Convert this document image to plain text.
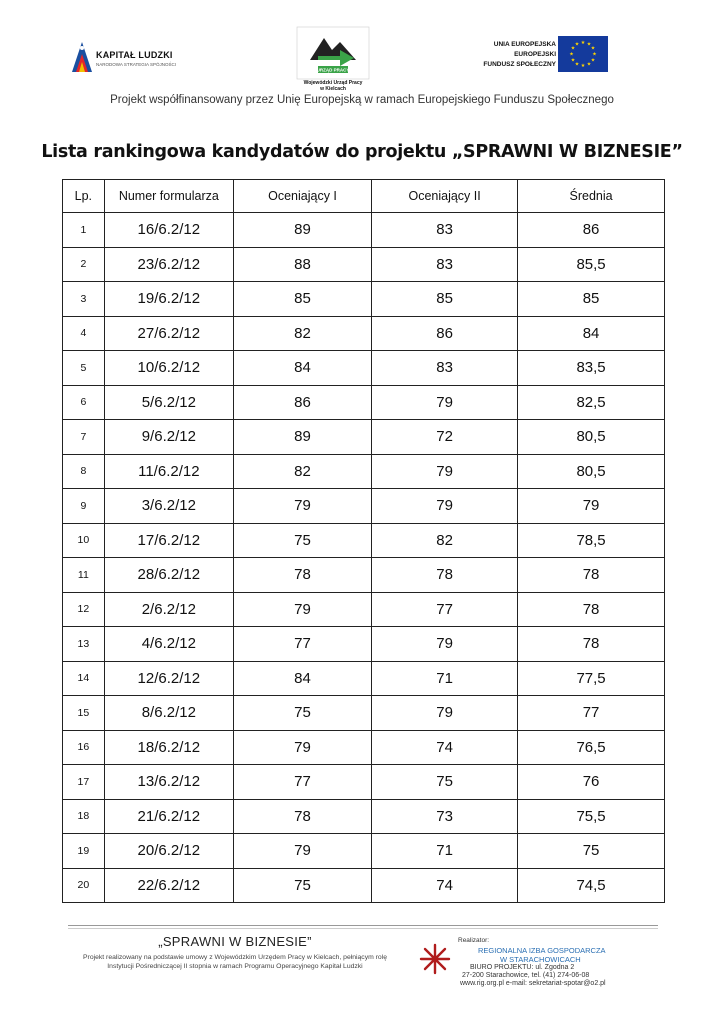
KAPITAŁ LUDZKI
NARODOWA STRATEGIA SPÓJNOŚCI
URZĄD PRACY
Wojewódzki Urząd Pracy
w Kielcach
UNIA EUROPEJSKA
EUROPEJSKI
FUNDUSZ SPOŁECZNY
★ ★
★
★
★
★
★
★
★
★
★
★
Projekt współfinansowany przez Unię Europejską w ramach Europejskiego Funduszu Społecznego
Lista rankingowa kandydatów do projektu „SPRAWNI W BIZNESIE”
Lp.	Numer formularza	Oceniający I	Oceniający II	Średnia
1	16/6.2/12	89	83	86
2	23/6.2/12	88	83	85,5
3	19/6.2/12	85	85	85
4	27/6.2/12	82	86	84
5	10/6.2/12	84	83	83,5
6	5/6.2/12	86	79	82,5
7	9/6.2/12	89	72	80,5
8	11/6.2/12	82	79	80,5
9	3/6.2/12	79	79	79
10	17/6.2/12	75	82	78,5
11	28/6.2/12	78	78	78
12	2/6.2/12	79	77	78
13	4/6.2/12	77	79	78
14	12/6.2/12	84	71	77,5
15	8/6.2/12	75	79	77
16	18/6.2/12	79	74	76,5
17	13/6.2/12	77	75	76
18	21/6.2/12	78	73	75,5
19	20/6.2/12	79	71	75
20	22/6.2/12	75	74	74,5
„SPRAWNI W BIZNESIE”
Projekt realizowany na podstawie umowy z Wojewódzkim Urzędem Pracy w Kielcach, pełniącym rolę
Instytucji Pośredniczącej II stopnia w ramach Programu Operacyjnego Kapitał Ludzki
Realizator:
REGIONALNA IZBA GOSPODARCZA
W STARACHOWICACH
BIURO PROJEKTU: ul. Zgodna 2
27-200 Starachowice, tel. (41) 274-06-08
www.rig.org.pl e-mail: sekretariat-spotar@o2.pl
